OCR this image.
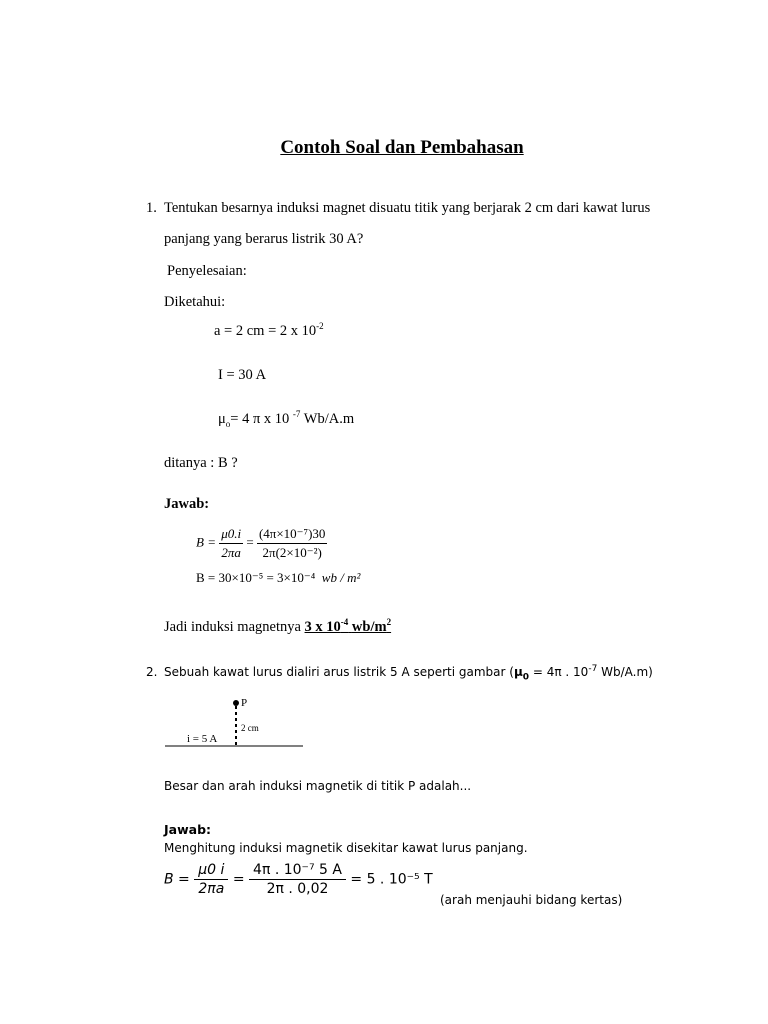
Contoh Soal dan Pembahasan
1. Tentukan besarnya induksi magnet disuatu titik yang berjarak 2 cm dari kawat lurus
panjang yang berarus listrik 30 A?
Penyelesaian:
Diketahui:
a = 2 cm = 2 x $10^{-2}$
I = 30 A
$\mu_o= 4$ π x 10 $^{-7}$ Wb/A.m
ditanya : B ?
Jawab:
$B = \frac{\mu 0.i}{2\pi a} = \frac{\text{(4π×10⁻⁷)30}}{\text{2π(2×10⁻²)}}$
B = 30×10⁻⁵ = 3×10⁻⁴ wb / m²
Jadi induksi magnetnya 3 x $10^{-4}$ $wb/m^2$
2. Sebuah kawat lurus dialiri arus listrik 5 A seperti gambar ($\mu_0 = 4\pi$ . $10^{-7}$ Wb/A.m)
P
2 cm
i = 5 A
Besar dan arah induksi magnetik di titik P adalah...
Jawab:
Menghitung induksi magnetik disekitar kawat lurus panjang.
$B = \frac{\mu 0 i}{2\pi a} = \frac{\text{4π . 10⁻⁷ 5 A}}{2\pi . 0,02} = 5$ . 10⁻⁵ T
(arah menjauhi bidang kertas)
